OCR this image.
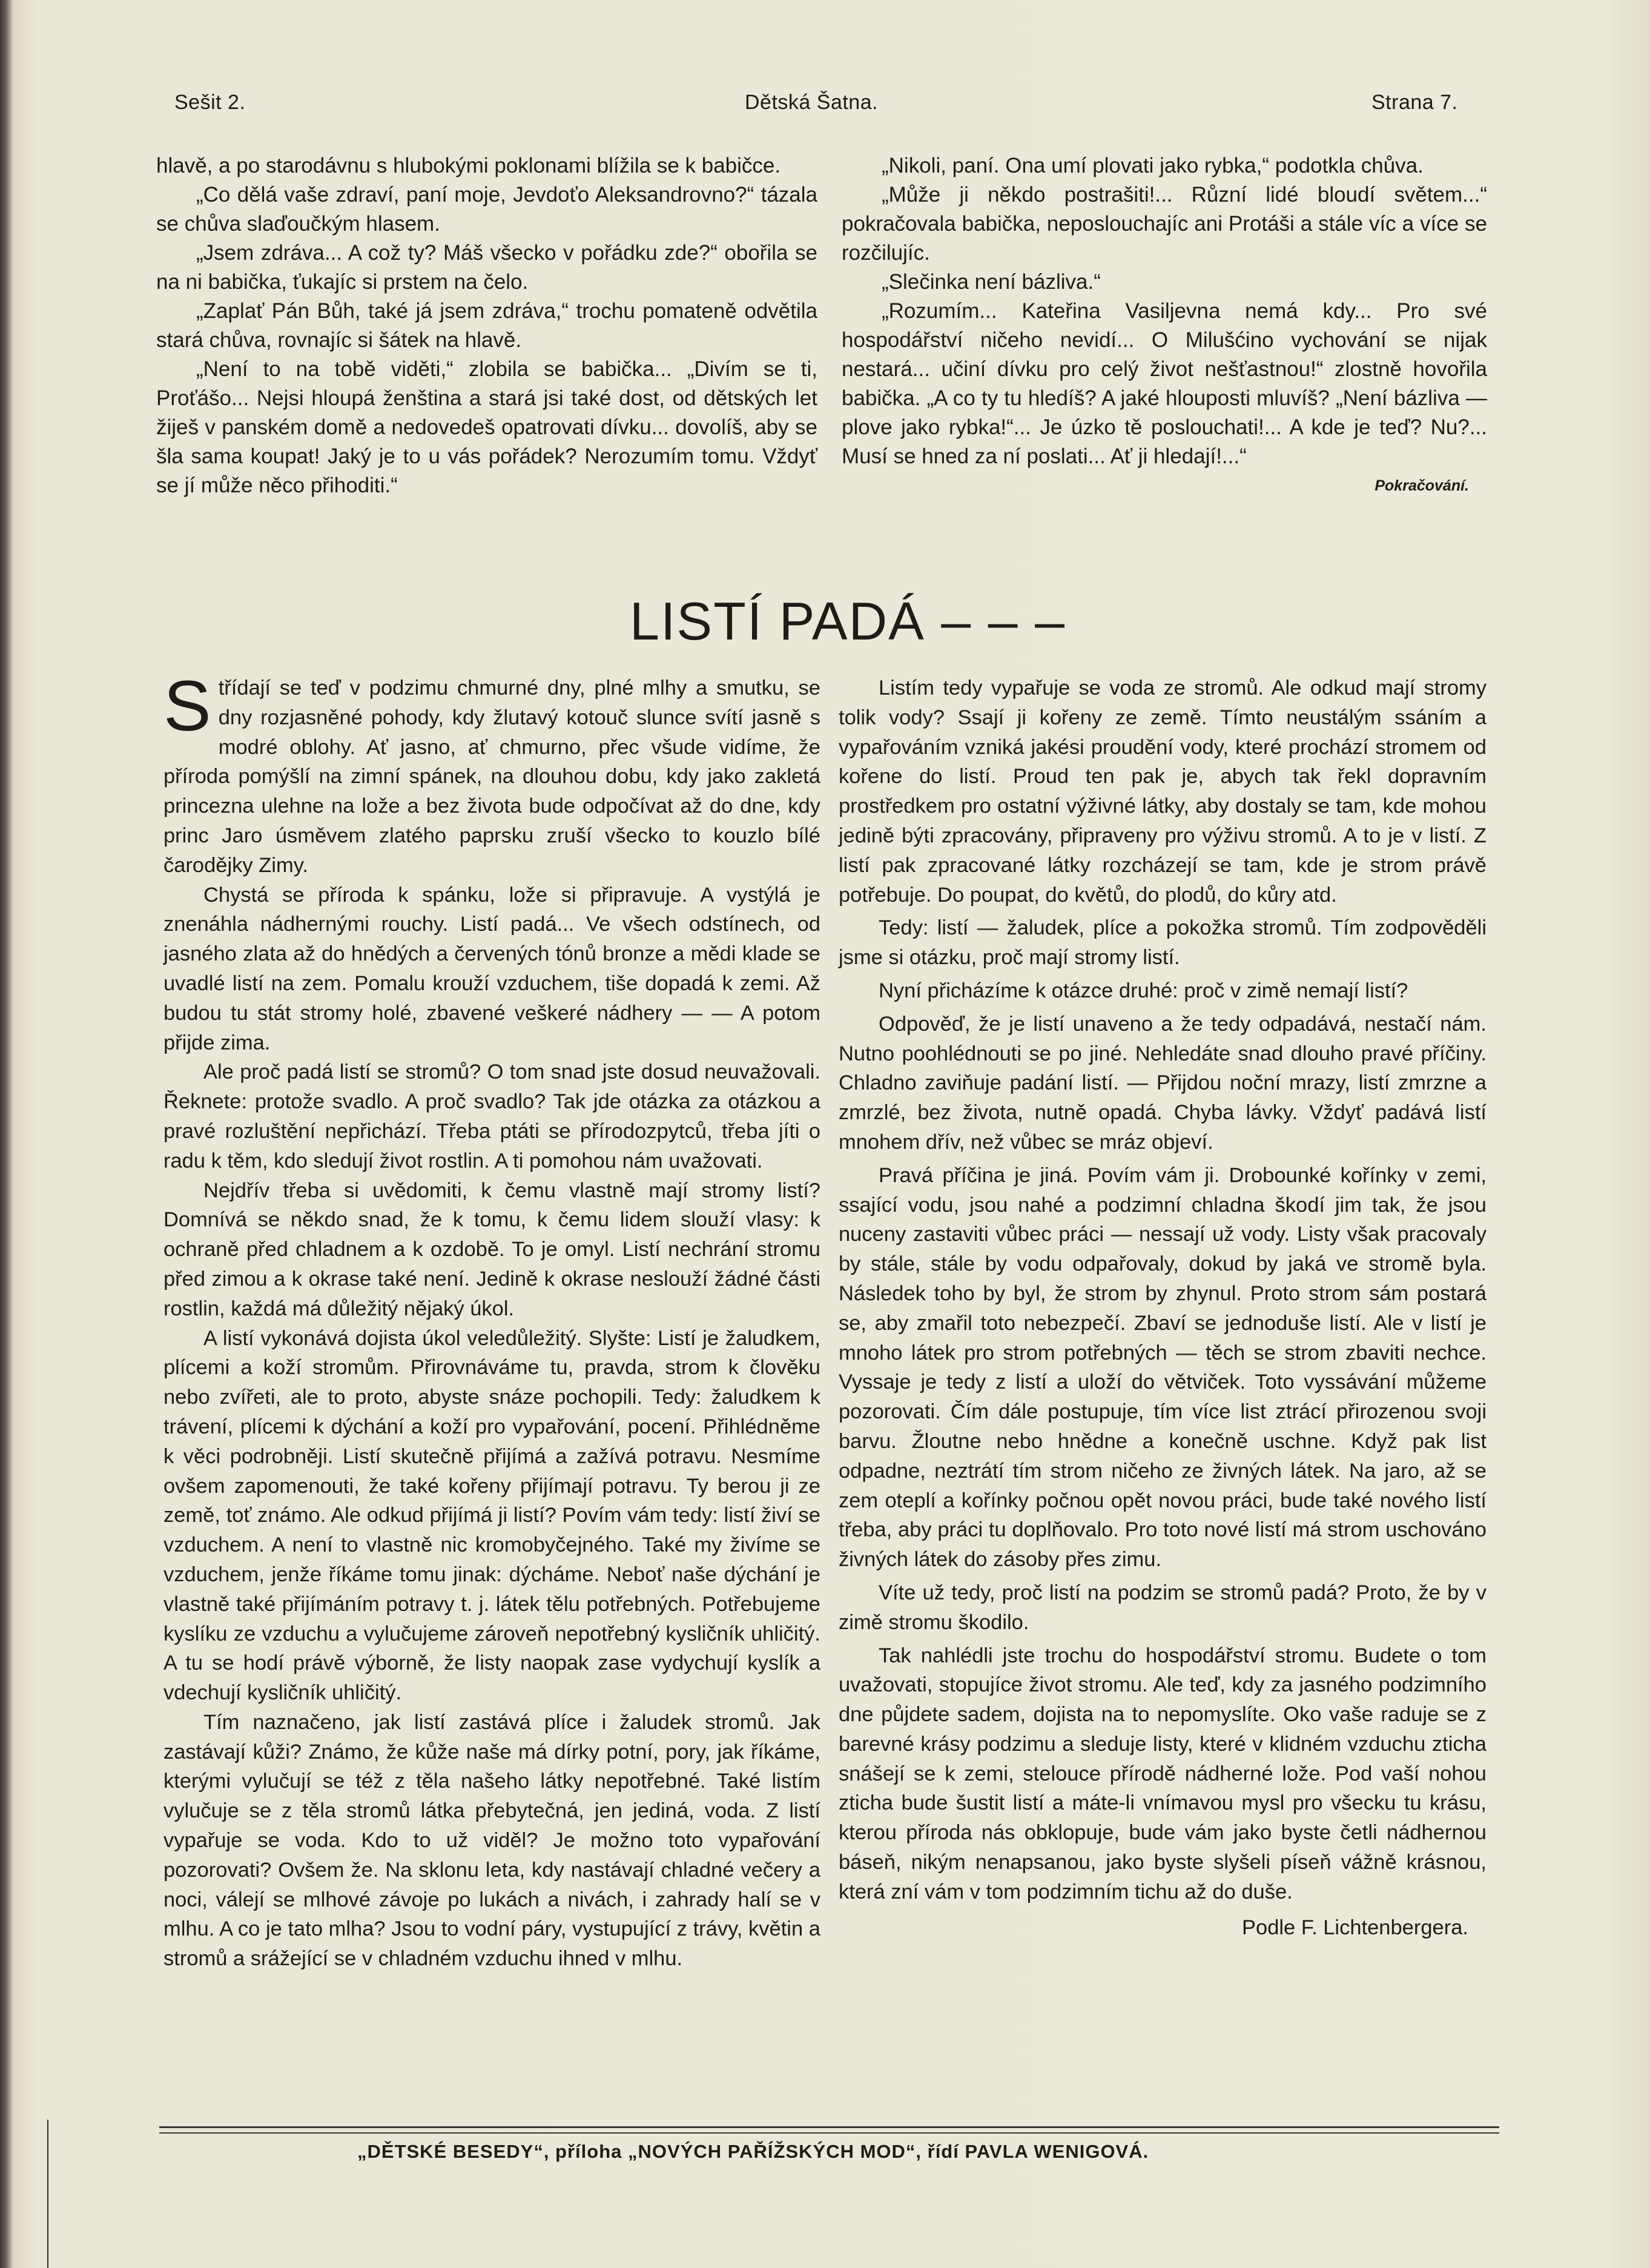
Sešit 2.	Dětská Šatna.	Strana 7.

hlavě, a po starodávnu s hlubokými poklonami blížila se k babičce.

„Co dělá vaše zdraví, paní moje, Jevdoťo Aleksandrovno?“ tázala se chůva slaďoučkým hlasem.

„Jsem zdráva... A což ty? Máš všecko v pořádku zde?“ obořila se na ni babička, ťukajíc si prstem na čelo.

„Zaplať Pán Bůh, také já jsem zdráva,“ trochu pomateně odvětila stará chůva, rovnajíc si šátek na hlavě.

„Není to na tobě viděti,“ zlobila se babička... „Divím se ti, Proťášo... Nejsi hloupá ženština a stará jsi také dost, od dětských let žiješ v panském domě a nedovedeš opatrovati dívku... dovolíš, aby se šla sama koupat! Jaký je to u vás pořádek? Nerozumím tomu. Vždyť se jí může něco přihoditi.“

„Nikoli, paní. Ona umí plovati jako rybka,“ podotkla chůva.

„Může ji někdo postrašiti!... Různí lidé bloudí světem...“ pokračovala babička, neposlouchajíc ani Protáši a stále víc a více se rozčilujíc.

„Slečinka není bázliva.“

„Rozumím... Kateřina Vasiljevna nemá kdy... Pro své hospodářství ničeho nevidí... O Milušćino vychování se nijak nestará... učiní dívku pro celý život nešťastnou!“ zlostně hovořila babička. „A co ty tu hledíš? A jaké hlouposti mluvíš? „Není bázliva — plove jako rybka!“... Je úzko tě poslouchati!... A kde je teď? Nu?... Musí se hned za ní poslati... Ať ji hledají!...“

Pokračování.
LISTÍ PADÁ – – –

Střídají se teď v podzimu chmurné dny, plné mlhy a smutku, se dny rozjasněné pohody, kdy žlutavý kotouč slunce svítí jasně s modré oblohy. Ať jasno, ať chmurno, přec všude vidíme, že příroda pomýšlí na zimní spánek, na dlouhou dobu, kdy jako zakletá princezna ulehne na lože a bez života bude odpočívat až do dne, kdy princ Jaro úsměvem zlatého paprsku zruší všecko to kouzlo bílé čarodějky Zimy.

Chystá se příroda k spánku, lože si připravuje. A vystýlá je znenáhla nádhernými rouchy. Listí padá... Ve všech odstínech, od jasného zlata až do hnědých a červených tónů bronze a mědi klade se uvadlé listí na zem. Pomalu krouží vzduchem, tiše dopadá k zemi. Až budou tu stát stromy holé, zbavené veškeré nádhery — — A potom přijde zima.

Ale proč padá listí se stromů? O tom snad jste dosud neuvažovali. Řeknete: protože svadlo. A proč svadlo? Tak jde otázka za otázkou a pravé rozluštění nepřichází. Třeba ptáti se přírodozpytců, třeba jíti o radu k těm, kdo sledují život rostlin. A ti pomohou nám uvažovati.

Nejdřív třeba si uvědomiti, k čemu vlastně mají stromy listí? Domnívá se někdo snad, že k tomu, k čemu lidem slouží vlasy: k ochraně před chladnem a k ozdobě. To je omyl. Listí nechrání stromu před zimou a k okrase také není. Jedině k okrase neslouží žádné části rostlin, každá má důležitý nějaký úkol.

A listí vykonává dojista úkol veledůležitý. Slyšte: Listí je žaludkem, plícemi a koží stromům. Přirovnáváme tu, pravda, strom k člověku nebo zvířeti, ale to proto, abyste snáze pochopili. Tedy: žaludkem k trávení, plícemi k dýchání a koží pro vypařování, pocení. Přihlédněme k věci podrobněji. Listí skutečně přijímá a zažívá potravu. Nesmíme ovšem zapomenouti, že také kořeny přijímají potravu. Ty berou ji ze země, toť známo. Ale odkud přijímá ji listí? Povím vám tedy: listí živí se vzduchem. A není to vlastně nic kromobyčejného. Také my živíme se vzduchem, jenže říkáme tomu jinak: dýcháme. Neboť naše dýchání je vlastně také přijímáním potravy t. j. látek tělu potřebných. Potřebujeme kyslíku ze vzduchu a vylučujeme zároveň nepotřebný kysličník uhličitý. A tu se hodí právě výborně, že listy naopak zase vydychují kyslík a vdechují kysličník uhličitý.

Tím naznačeno, jak listí zastává plíce i žaludek stromů. Jak zastávají kůži? Známo, že kůže naše má dírky potní, pory, jak říkáme, kterými vylučují se též z těla našeho látky nepotřebné. Také listím vylučuje se z těla stromů látka přebytečná, jen jediná, voda. Z listí vypařuje se voda. Kdo to už viděl? Je možno toto vypařování pozorovati? Ovšem že. Na sklonu leta, kdy nastávají chladné večery a noci, válejí se mlhové závoje po lukách a nivách, i zahrady halí se v mlhu. A co je tato mlha? Jsou to vodní páry, vystupující z trávy, květin a stromů a srážející se v chladném vzduchu ihned v mlhu.

Listím tedy vypařuje se voda ze stromů. Ale odkud mají stromy tolik vody? Ssají ji kořeny ze země. Tímto neustálým ssáním a vypařováním vzniká jakési proudění vody, které prochází stromem od kořene do listí. Proud ten pak je, abych tak řekl dopravním prostředkem pro ostatní výživné látky, aby dostaly se tam, kde mohou jedině býti zpracovány, připraveny pro výživu stromů. A to je v listí. Z listí pak zpracované látky rozcházejí se tam, kde je strom právě potřebuje. Do poupat, do květů, do plodů, do kůry atd.

Tedy: listí — žaludek, plíce a pokožka stromů. Tím zodpověděli jsme si otázku, proč mají stromy listí.

Nyní přicházíme k otázce druhé: proč v zimě nemají listí?

Odpověď, že je listí unaveno a že tedy odpadává, nestačí nám. Nutno poohlédnouti se po jiné. Nehledáte snad dlouho pravé příčiny. Chladno zaviňuje padání listí. — Přijdou noční mrazy, listí zmrzne a zmrzlé, bez života, nutně opadá. Chyba lávky. Vždyť padává listí mnohem dřív, než vůbec se mráz objeví.

Pravá příčina je jiná. Povím vám ji. Drobounké kořínky v zemi, ssající vodu, jsou nahé a podzimní chladna škodí jim tak, že jsou nuceny zastaviti vůbec práci — nessají už vody. Listy však pracovaly by stále, stále by vodu odpařovaly, dokud by jaká ve stromě byla. Následek toho by byl, že strom by zhynul. Proto strom sám postará se, aby zmařil toto nebezpečí. Zbaví se jednoduše listí. Ale v listí je mnoho látek pro strom potřebných — těch se strom zbaviti nechce. Vyssaje je tedy z listí a uloží do větviček. Toto vyssávání můžeme pozorovati. Čím dále postupuje, tím více list ztrácí přirozenou svoji barvu. Žloutne nebo hnědne a konečně uschne. Když pak list odpadne, neztrátí tím strom ničeho ze živných látek. Na jaro, až se zem oteplí a kořínky počnou opět novou práci, bude také nového listí třeba, aby práci tu doplňovalo. Pro toto nové listí má strom uschováno živných látek do zásoby přes zimu.

Víte už tedy, proč listí na podzim se stromů padá? Proto, že by v zimě stromu škodilo.

Tak nahlédli jste trochu do hospodářství stromu. Budete o tom uvažovati, stopujíce život stromu. Ale teď, kdy za jasného podzimního dne půjdete sadem, dojista na to nepomyslíte. Oko vaše raduje se z barevné krásy podzimu a sleduje listy, které v klidném vzduchu zticha snášejí se k zemi, stelouce přírodě nádherné lože. Pod vaší nohou zticha bude šustit listí a máte-li vnímavou mysl pro všecku tu krásu, kterou příroda nás obklopuje, bude vám jako byste četli nádhernou báseň, nikým nenapsanou, jako byste slyšeli píseň vážně krásnou, která zní vám v tom podzimním tichu až do duše.

Podle F. Lichtenbergera.
„DĚTSKÉ BESEDY“, příloha „NOVÝCH PAŘÍŽSKÝCH MOD“, řídí PAVLA WENIGOVÁ.
